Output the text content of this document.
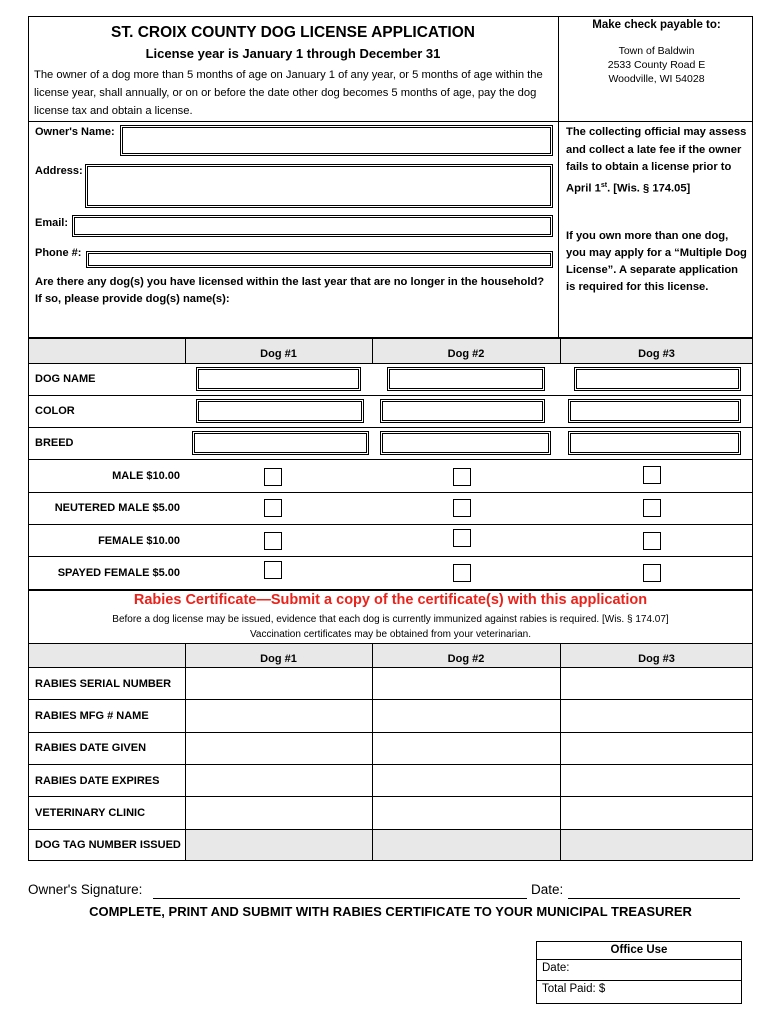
ST. CROIX COUNTY DOG LICENSE APPLICATION
License year is January 1 through December 31
The owner of a dog more than 5 months of age on January 1 of any year, or 5 months of age within the license year, shall annually, or on or before the date other dog becomes 5 months of age, pay the dog license tax and obtain a license.
Make check payable to:
Town of Baldwin
2533 County Road E
Woodville, WI 54028
Owner's Name:
Address:
Email:
Phone #:
Are there any dog(s) you have licensed within the last year that are no longer in the household? If so, please provide dog(s) name(s):
The collecting official may assess and collect a late fee if the owner fails to obtain a license prior to April 1st. [Wis. § 174.05]
If you own more than one dog, you may apply for a “Multiple Dog License”. A separate application is required for this license.
Dog #1	Dog #2	Dog #3
DOG NAME
COLOR
BREED
MALE $10.00
NEUTERED MALE $5.00
FEMALE $10.00
SPAYED FEMALE $5.00
Rabies Certificate—Submit a copy of the certificate(s) with this application
Before a dog license may be issued, evidence that each dog is currently immunized against rabies is required. [Wis. § 174.07]
Vaccination certificates may be obtained from your veterinarian.
Dog #1	Dog #2	Dog #3
RABIES SERIAL NUMBER
RABIES MFG # NAME
RABIES DATE GIVEN
RABIES DATE EXPIRES
VETERINARY CLINIC
DOG TAG NUMBER ISSUED
Owner's Signature:	Date:
COMPLETE, PRINT AND SUBMIT WITH RABIES CERTIFICATE TO YOUR MUNICIPAL TREASURER
Office Use
Date:
Total Paid: $
